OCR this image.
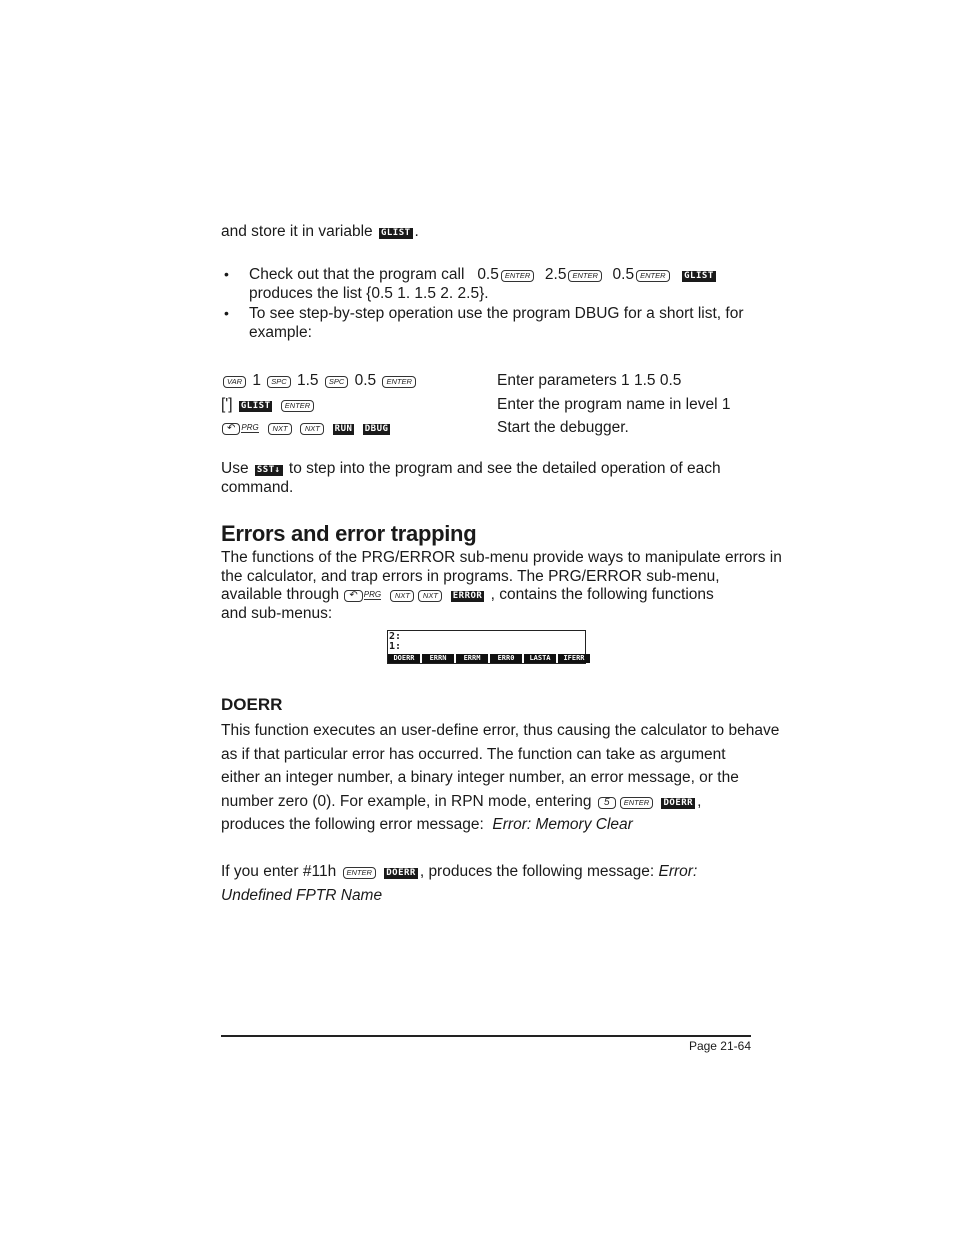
and store it in variable GLIST .
• Check out that the program call 0.5 ENTER 2.5 ENTER 0.5 ENTER GLIST
produces the list {0.5 1. 1.5 2. 2.5}.
• To see step-by-step operation use the program DBUG for a short list, for
example:
VAR 1 SPC 1.5 SPC 0.5 ENTER	Enter parameters 1 1.5 0.5
['] GLIST ENTER	Enter the program name in level 1
↶ PRG NXT NXT RUN DBUG	Start the debugger.
Use SST↓ to step into the program and see the detailed operation of each
command.
Errors and error trapping
The functions of the PRG/ERROR sub-menu provide ways to manipulate errors in
the calculator, and trap errors in programs. The PRG/ERROR sub-menu,
available through ↶ PRG NXT NXT ERROR , contains the following functions
and sub-menus:
2:
1:
DOERR	ERRN	ERRM	ERR0	LASTA	IFERR
DOERR
This function executes an user-define error, thus causing the calculator to behave
as if that particular error has occurred. The function can take as argument
either an integer number, a binary integer number, an error message, or the
number zero (0). For example, in RPN mode, entering 5 ENTER DOERR ,
produces the following error message: Error: Memory Clear
If you enter #11h ENTER DOERR , produces the following message: Error:
Undefined FPTR Name
Page 21-64
